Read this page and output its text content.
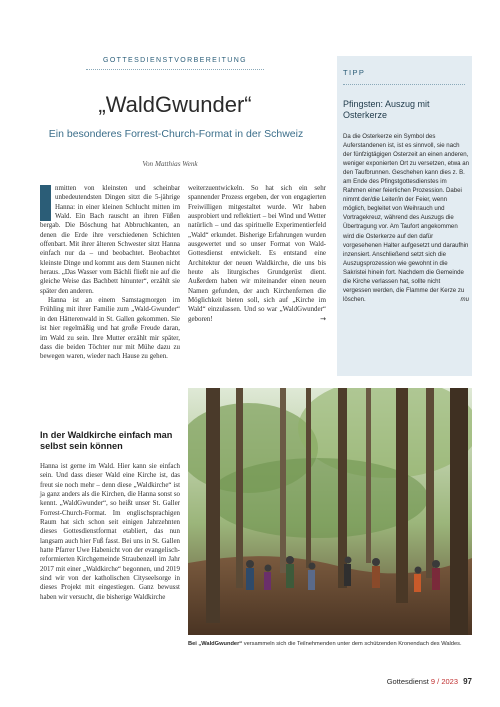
GOTTESDIENSTVORBEREITUNG
„WaldGwunder“
Ein besonderes Forrest-Church-Format in der Schweiz
Von Matthias Wenk

nmitten von kleinsten und scheinbar unbedeutendsten Dingen sitzt die 5-jährige Hanna: in einer kleinen Schlucht mitten im Wald. Ein Bach rauscht an ihren Füßen bergab. Die Böschung hat Abbruchkanten, an denen die Erde ihre verschiedenen Schichten offenbart. Mit ihrer älteren Schwester sitzt Hanna einfach nur da – und beobachtet. Beobachtet kleinste Dinge und kommt aus dem Staunen nicht heraus. „Das Wasser vom Bächli fließt nie auf die gleiche Weise das Bachbett hinunter“, erzählt sie später den anderen.

Hanna ist an einem Samstagmorgen im Frühling mit ihrer Familie zum „Wald-Gwunder“ in den Hätterenwald in St. Gallen gekommen. Sie ist hier regelmäßig und hat große Freude daran, im Wald zu sein. Ihre Mutter erzählt mir später, dass die beiden Töchter nur mit Mühe dazu zu bewegen waren, wieder nach Hause zu gehen.

weiterzuentwickeln. So hat sich ein sehr spannender Prozess ergeben, der von engagierten Freiwilligen mitgestaltet wurde. Wir haben ausprobiert und reflektiert – bei Wind und Wetter natürlich – und das spirituelle Experimentierfeld „Wald“ erkundet. Bisherige Erfahrungen wurden ausgewertet und so unser Format von Wald-Gottesdienst entwickelt. Es entstand eine Architektur der neuen Waldkirche, die uns bis heute als liturgisches Grundgerüst dient. Außerdem haben wir miteinander einen neuen Namen gefunden, der auch Kirchenfernen die Möglichkeit bieten soll, sich auf „Kirche im Wald“ einzulassen. Und so war „WaldGwunder“ geboren!	→

In der Waldkirche einfach man selbst sein können

Hanna ist gerne im Wald. Hier kann sie einfach sein. Und dass dieser Wald eine Kirche ist, das freut sie noch mehr – denn diese „Waldkirche“ ist ja ganz anders als die Kirchen, die Hanna sonst so kennt. „WaldGwunder“, so heißt unser St. Galler Forrest-Church-Format. Im englischsprachigen Raum hat sich schon seit einigen Jahrzehnten dieses Gottesdienstformat etabliert, das nun langsam auch hier Fuß fasst. Bei uns in St. Gallen hatte Pfarrer Uwe Habenicht von der evangelisch-reformierten Kirchgemeinde Straubenzell im Jahr 2017 mit einer „Waldkirche“ begonnen, und 2019 sind wir von der katholischen Cityseelsorge in dieses Projekt mit eingestiegen. Ganz bewusst haben wir versucht, die bisherige Waldkirche

TIPP
Pfingsten: Auszug mit Osterkerze
Da die Osterkerze ein Symbol des Auferstandenen ist, ist es sinnvoll, sie nach der fünfzigtägigen Osterzeit an einen anderen, weniger exponierten Ort zu versetzen, etwa an den Taufbrunnen. Geschehen kann dies z. B. am Ende des Pfingstgottesdienstes im Rahmen einer feierlichen Prozession. Dabei nimmt der/die Leiter/in der Feier, wenn möglich, begleitet von Weihrauch und Vortragekreuz, während des Auszugs die Übertragung vor. Am Taufort angekommen wird die Osterkerze auf den dafür vorgesehenen Halter aufgesetzt und daraufhin inzensiert. Anschließend setzt sich die Auszugsprozession wie gewohnt in die Sakristei hinein fort. Nachdem die Gemeinde die Kirche verlassen hat, sollte nicht vergessen werden, die Flamme der Kerze zu löschen.	mu
Bei „WaldGwunder“ versammeln sich die Teilnehmenden unter dem schützenden Kronendach des Waldes.
Gottesdienst 9 / 2023 97
